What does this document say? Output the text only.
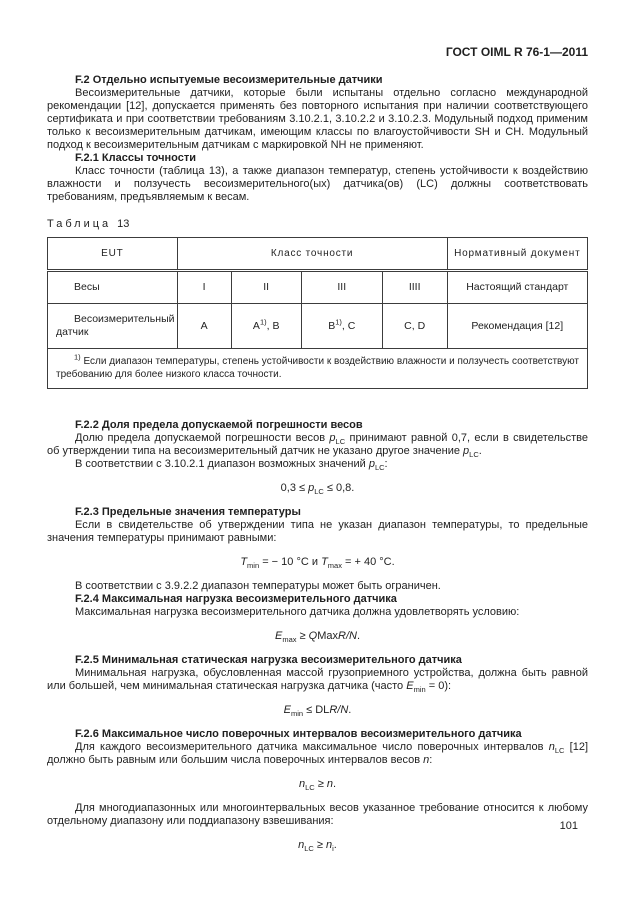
ГОСТ OIML R 76-1—2011
F.2 Отдельно испытуемые весоизмерительные датчики

Весоизмерительные датчики, которые были испытаны отдельно согласно международной рекомендации [12], допускается применять без повторного испытания при наличии соответствующего сертификата и при соответствии требованиям 3.10.2.1, 3.10.2.2 и 3.10.2.3. Модульный подход применим только к весоизмерительным датчикам, имеющим классы по влагоустойчивости SH и CH. Модульный подход к весоизмерительным датчикам с маркировкой NH не применяют.

F.2.1 Классы точности

Класс точности (таблица 13), а также диапазон температур, степень устойчивости к воздействию влажности и ползучесть весоизмерительного(ых) датчика(ов) (LC) должны соответствовать требованиям, предъявляемым к весам.

Таблица 13
EUT	Класс точности				Нормативный документ
Весы	I	II	III	IIII	Настоящий стандарт
Весоизмерительный датчик	А	$А^{1)}$, В	$В^{1)}$, С	С, D	Рекомендация [12]
$^{1)}$ Если диапазон температуры, степень устойчивости к воздействию влажности и ползучесть соответствуют требованию для более низкого класса точности.					
F.2.2 Доля предела допускаемой погрешности весов

Долю предела допускаемой погрешности весов $p_{LC}$ принимают равной 0,7, если в свидетельстве об утверждении типа на весоизмерительный датчик не указано другое значение $p_{LC}$.

В соответствии с 3.10.2.1 диапазон возможных значений $p_{LC}$:

$0,3 \le p_{LC} \le 0,8$.
F.2.3 Предельные значения температуры

Если в свидетельстве об утверждении типа не указан диапазон температуры, то предельные значения температуры принимают равными:

$T_{min}$ = − 10 °C и $T_{max}$ = + 40 °C.

В соответствии с 3.9.2.2 диапазон температуры может быть ограничен.

F.2.4 Максимальная нагрузка весоизмерительного датчика

Максимальная нагрузка весоизмерительного датчика должна удовлетворять условию:

$E_{max}$ ≥ QMaxR/N.
F.2.5 Минимальная статическая нагрузка весоизмерительного датчика

Минимальная нагрузка, обусловленная массой грузоприемного устройства, должна быть равной или большей, чем минимальная статическая нагрузка датчика (часто $E_{min} = 0$):

$E_{min} \le DLR/N$.
F.2.6 Максимальное число поверочных интервалов весоизмерительного датчика

Для каждого весоизмерительного датчика максимальное число поверочных интервалов $n_{LC}$ [12] должно быть равным или большим числа поверочных интервалов весов n:

$n_{LC} \ge n$.

Для многодиапазонных или многоинтервальных весов указанное требование относится к любому отдельному диапазону или поддиапазону взвешивания:

$n_{LC} \ge n_i$.
101
